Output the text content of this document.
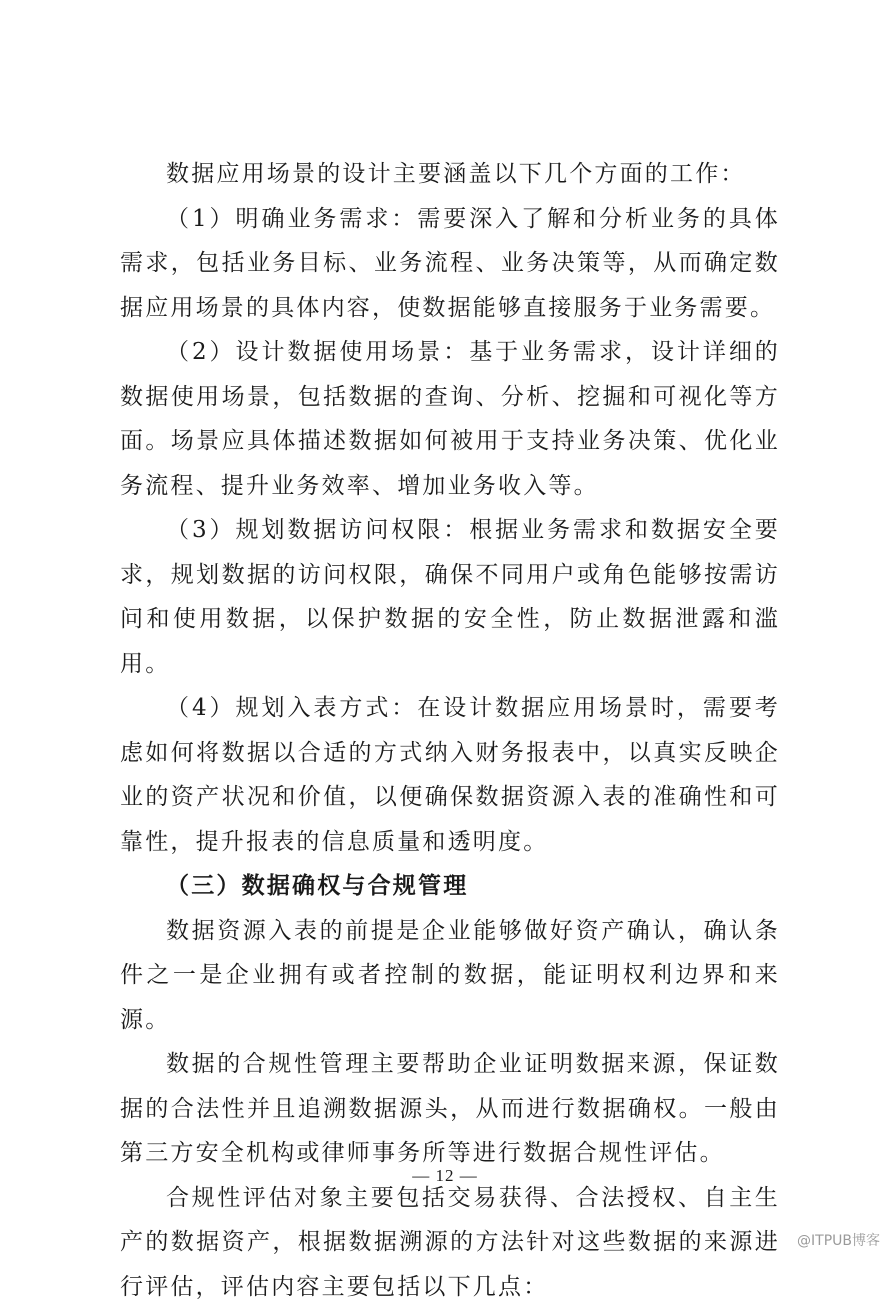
数据应用场景的设计主要涵盖以下几个方面的工作：

（1）明确业务需求：需要深入了解和分析业务的具体需求，包括业务目标、业务流程、业务决策等，从而确定数据应用场景的具体内容，使数据能够直接服务于业务需要。

（2）设计数据使用场景：基于业务需求，设计详细的数据使用场景，包括数据的查询、分析、挖掘和可视化等方面。场景应具体描述数据如何被用于支持业务决策、优化业务流程、提升业务效率、增加业务收入等。

（3）规划数据访问权限：根据业务需求和数据安全要求，规划数据的访问权限，确保不同用户或角色能够按需访问和使用数据，以保护数据的安全性，防止数据泄露和滥用。

（4）规划入表方式：在设计数据应用场景时，需要考虑如何将数据以合适的方式纳入财务报表中，以真实反映企业的资产状况和价值，以便确保数据资源入表的准确性和可靠性，提升报表的信息质量和透明度。

（三）数据确权与合规管理

数据资源入表的前提是企业能够做好资产确认，确认条件之一是企业拥有或者控制的数据，能证明权利边界和来源。

数据的合规性管理主要帮助企业证明数据来源，保证数据的合法性并且追溯数据源头，从而进行数据确权。一般由第三方安全机构或律师事务所等进行数据合规性评估。

合规性评估对象主要包括交易获得、合法授权、自主生产的数据资产，根据数据溯源的方法针对这些数据的来源进行评估，评估内容主要包括以下几点：

— 12 —
@ITPUB博客
